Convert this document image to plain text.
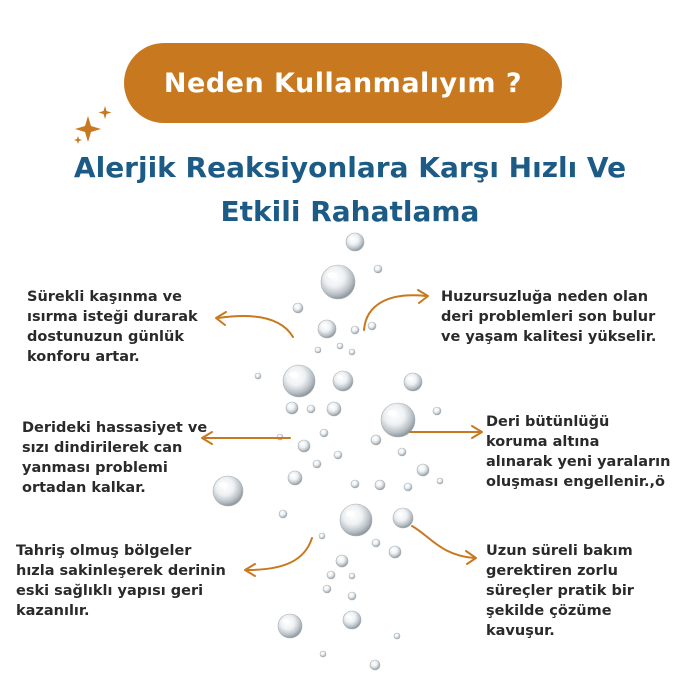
Neden Kullanmalıyım ?
Alerjik Reaksiyonlara Karşı Hızlı Ve
Etkili Rahatlama
Sürekli kaşınma ve
ısırma isteği durarak
dostunuzun günlük
konforu artar.
Huzursuzluğa neden olan
deri problemleri son bulur
ve yaşam kalitesi yükselir.
Derideki hassasiyet ve
sızı dindirilerek can
yanması problemi
ortadan kalkar.
Deri bütünlüğü
koruma altına
alınarak yeni yaraların
oluşması engellenir.,ö
Tahriş olmuş bölgeler
hızla sakinleşerek derinin
eski sağlıklı yapısı geri
kazanılır.
Uzun süreli bakım
gerektiren zorlu
süreçler pratik bir
şekilde çözüme
kavuşur.
